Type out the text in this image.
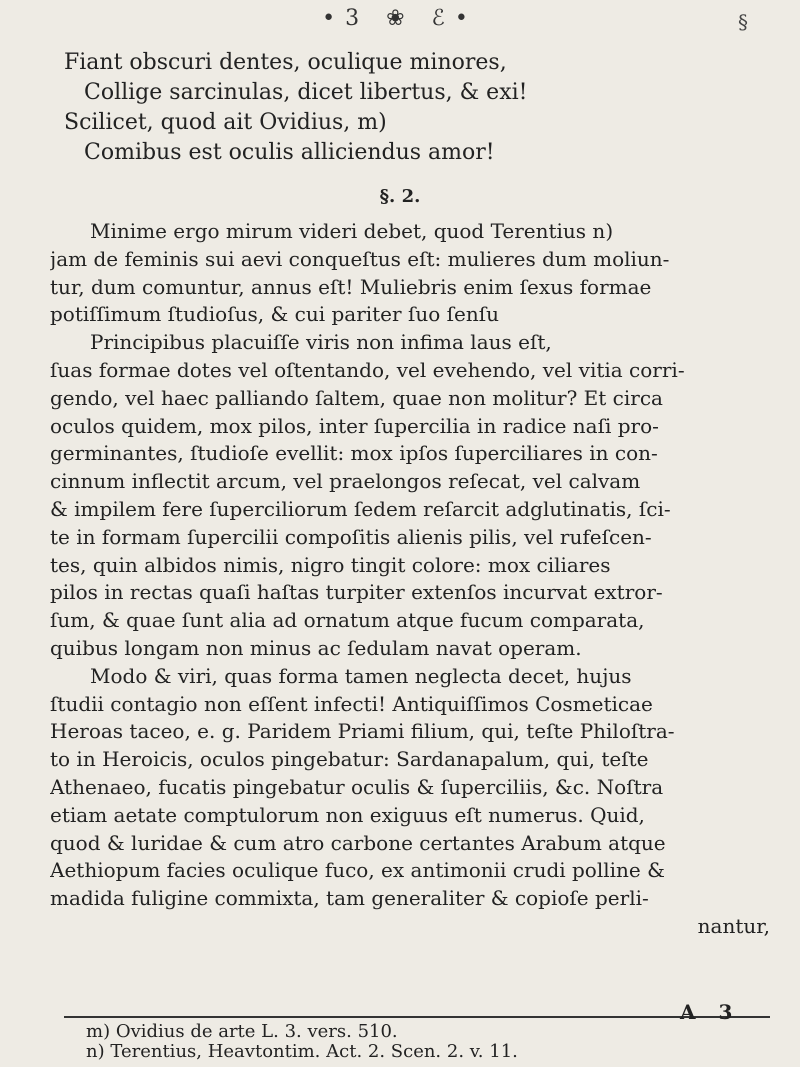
•3 ❀ ℰ•	§
Fiant obscuri dentes, oculique minores,
Collige sarcinulas, dicet libertus, & exi!
Scilicet, quod ait Ovidius, m)
Comibus est oculis alliciendus amor!
§. 2.
Minime ergo mirum videri debet, quod Terentius n)
jam de feminis sui aevi conqueſtus eſt: mulieres dum moliun-
tur, dum comuntur, annus eſt! Muliebris enim ſexus formae
potiſſimum ſtudioſus, & cui pariter ſuo ſenſu
Principibus placuiſſe viris non infima laus eſt,
ſuas formae dotes vel oſtentando, vel evehendo, vel vitia corri-
gendo, vel haec palliando ſaltem, quae non molitur? Et circa
oculos quidem, mox pilos, inter ſupercilia in radice naſi pro-
germinantes, ſtudioſe evellit: mox ipſos ſuperciliares in con-
cinnum inflectit arcum, vel praelongos reſecat, vel calvam
& impilem fere ſuperciliorum ſedem reſarcit adglutinatis, ſci-
te in formam ſupercilii compoſitis alienis pilis, vel rufeſcen-
tes, quin albidos nimis, nigro tingit colore: mox ciliares
pilos in rectas quaſi haſtas turpiter extenſos incurvat extror-
ſum, & quae ſunt alia ad ornatum atque fucum comparata,
quibus longam non minus ac ſedulam navat operam.
Modo & viri, quas forma tamen neglecta decet, hujus
ſtudii contagio non eſſent infecti! Antiquiſſimos Cosmeticae
Heroas taceo, e. g. Paridem Priami filium, qui, teſte Philoſtra-
to in Heroicis, oculos pingebatur: Sardanapalum, qui, teſte
Athenaeo, fucatis pingebatur oculis & ſuperciliis, &c. Noſtra
etiam aetate comptulorum non exiguus eſt numerus. Quid,
quod & luridae & cum atro carbone certantes Arabum atque
Aethiopum facies oculique fuco, ex antimonii crudi polline &
madida fuligine commixta, tam generaliter & copioſe perli-
nantur,
m) Ovidius de arte L. 3. vers. 510.
n) Terentius, Heavtontim. Act. 2. Scen. 2. v. 11.
A 3
